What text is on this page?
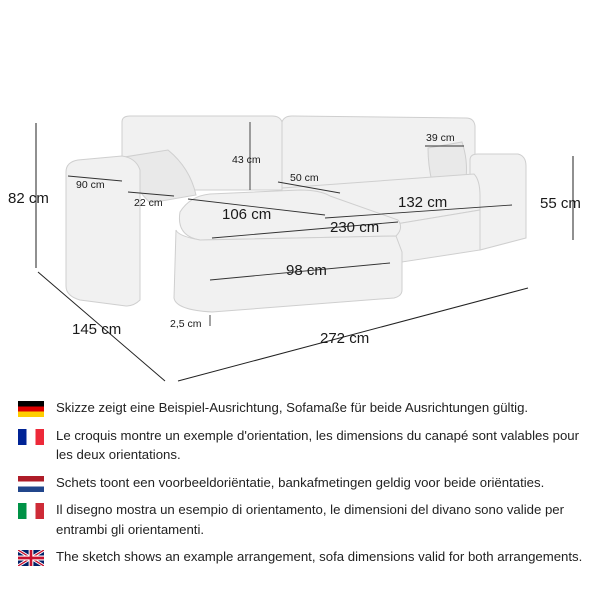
82 cm
90 cm
22 cm
43 cm
50 cm
39 cm
132 cm	55 cm
106 cm
230 cm
98 cm
145 cm	2,5 cm
272 cm
Skizze zeigt eine Beispiel-Ausrichtung, Sofamaße für beide Ausrichtungen gültig.
Le croquis montre un exemple d'orientation, les dimensions du canapé sont valables pour les deux orientations.
Schets toont een voorbeeldoriëntatie, bankafmetingen geldig voor beide oriëntaties.
Il disegno mostra un esempio di orientamento, le dimensioni del divano sono valide per entrambi gli orientamenti.
The sketch shows an example arrangement, sofa dimensions valid for both arrangements.
